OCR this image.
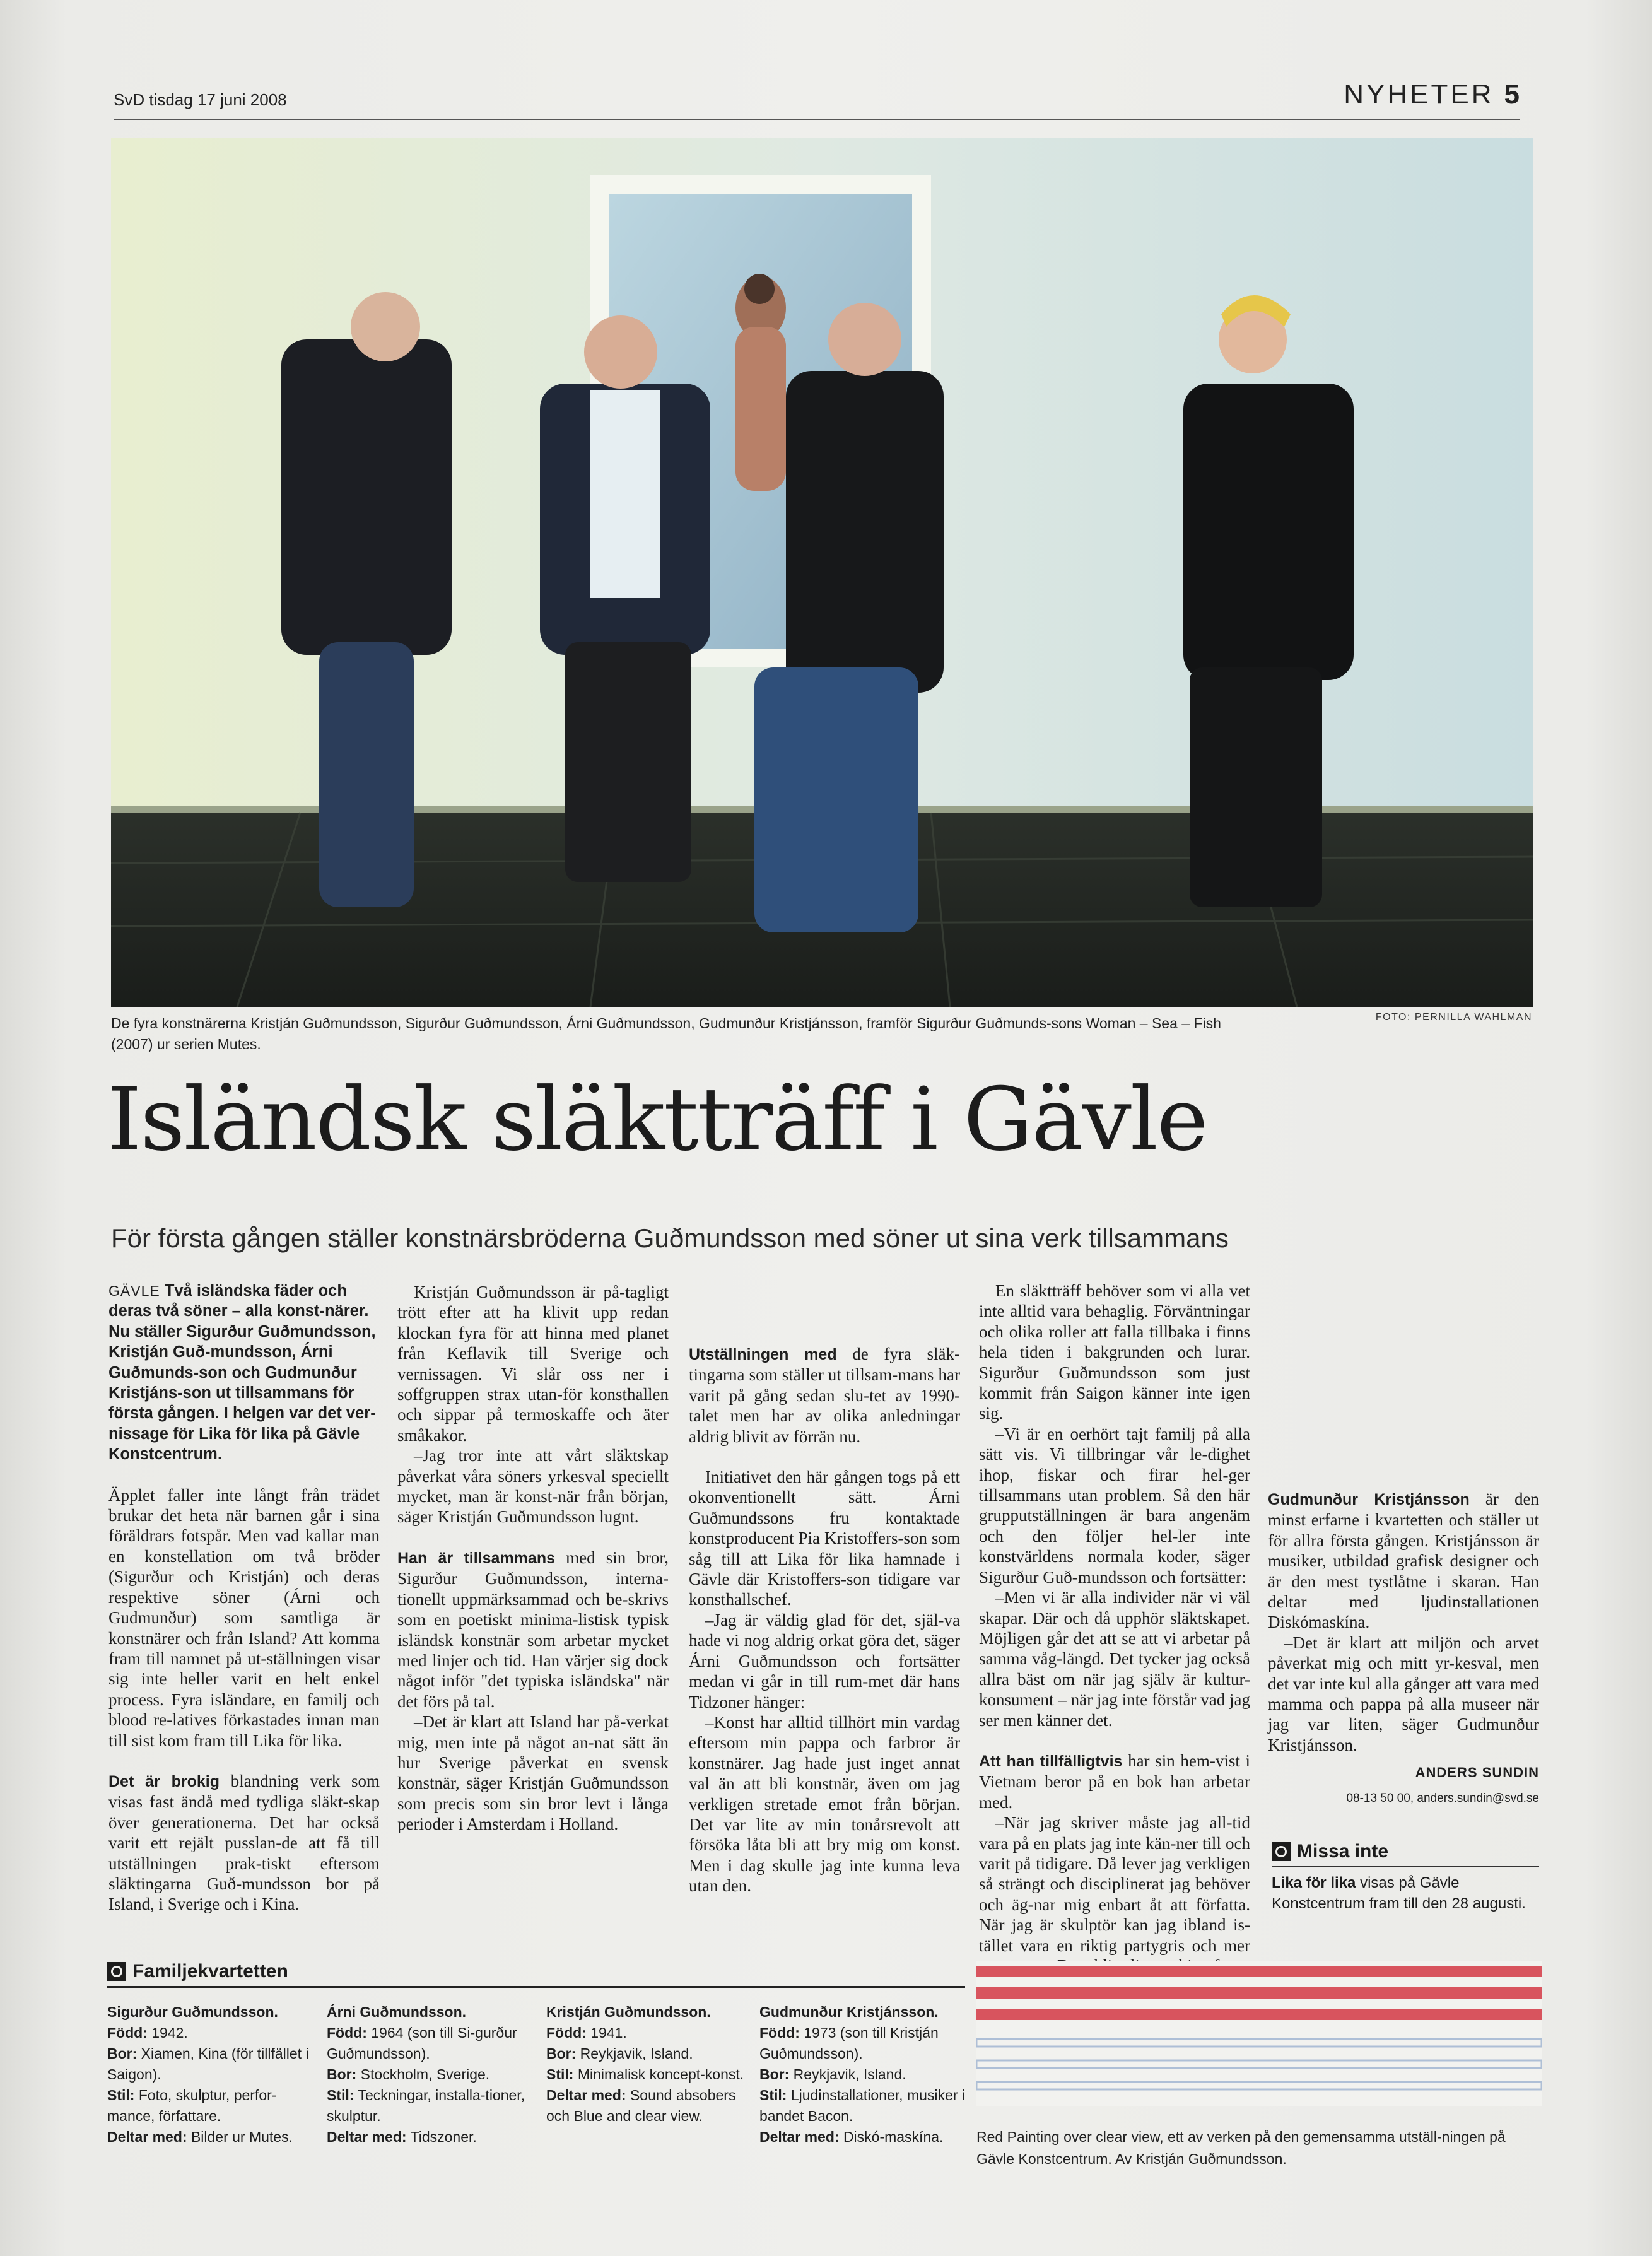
SvD tisdag 17 juni 2008	NYHETER 5
De fyra konstnärerna Kristján Guðmundsson, Sigurður Guðmundsson, Árni Guðmundsson, Gudmunður Kristjánsson, framför Sigurður Guðmunds-sons Woman – Sea – Fish (2007) ur serien Mutes.
FOTO: PERNILLA WAHLMAN
Isländsk släktträff i Gävle
För första gången ställer konstnärsbröderna Guðmundsson med söner ut sina verk tillsammans

GÄVLE Två isländska fäder och deras två söner – alla konst-närer. Nu ställer Sigurður Guðmundsson, Kristján Guð-mundsson, Árni Guðmunds-son och Gudmunður Kristjáns-son ut tillsammans för första gången. I helgen var det ver-nissage för Lika för lika på Gävle Konstcentrum.

Äpplet faller inte långt från trädet brukar det heta när barnen går i sina föräldrars fotspår. Men vad kallar man en konstellation om två bröder (Sigurður och Kristján) och deras respektive söner (Árni och Gudmunður) som samtliga är konstnärer och från Island? Att komma fram till namnet på ut-ställningen visar sig inte heller varit en helt enkel process. Fyra isländare, en familj och blood re-latives förkastades innan man till sist kom fram till Lika för lika.

Det är brokig blandning verk som visas fast ändå med tydliga släkt-skap över generationerna. Det har också varit ett rejält pusslan-de att få till utställningen prak-tiskt eftersom släktingarna Guð-mundsson bor på Island, i Sverige och i Kina.

Kristján Guðmundsson är på-tagligt trött efter att ha klivit upp redan klockan fyra för att hinna med planet från Keflavik till Sverige och vernissagen. Vi slår oss ner i soffgruppen strax utan-för konsthallen och sippar på termoskaffe och äter småkakor.

–Jag tror inte att vårt släktskap påverkat våra söners yrkesval speciellt mycket, man är konst-när från början, säger Kristján Guðmundsson lugnt.

Han är tillsammans med sin bror, Sigurður Guðmundsson, interna-tionellt uppmärksammad och be-skrivs som en poetiskt minima-listisk typisk isländsk konstnär som arbetar mycket med linjer och tid. Han värjer sig dock något inför "det typiska isländska" när det förs på tal.

–Det är klart att Island har på-verkat mig, men inte på något an-nat sätt än hur Sverige påverkat en svensk konstnär, säger Kristján Guðmundsson som precis som sin bror levt i långa perioder i Amsterdam i Holland.

Utställningen med de fyra släk-tingarna som ställer ut tillsam-mans har varit på gång sedan slu-tet av 1990-talet men har av olika anledningar aldrig blivit av förrän nu.

Initiativet den här gången togs på ett okonventionellt sätt. Árni Guðmundssons fru kontaktade konstproducent Pia Kristoffers-son som såg till att Lika för lika hamnade i Gävle där Kristoffers-son tidigare var konsthallschef.

–Jag är väldig glad för det, själ-va hade vi nog aldrig orkat göra det, säger Árni Guðmundsson och fortsätter medan vi går in till rum-met där hans Tidzoner hänger:

–Konst har alltid tillhört min vardag eftersom min pappa och farbror är konstnärer. Jag hade just inget annat val än att bli konstnär, även om jag verkligen stretade emot från början. Det var lite av min tonårsrevolt att försöka låta bli att bry mig om konst. Men i dag skulle jag inte kunna leva utan den.

En släktträff behöver som vi alla vet inte alltid vara behaglig. Förväntningar och olika roller att falla tillbaka i finns hela tiden i bakgrunden och lurar. Sigurður Guðmundsson som just kommit från Saigon känner inte igen sig.

–Vi är en oerhört tajt familj på alla sätt vis. Vi tillbringar vår le-dighet ihop, fiskar och firar hel-ger tillsammans utan problem. Så den här grupputställningen är bara angenäm och den följer hel-ler inte konstvärldens normala koder, säger Sigurður Guð-mundsson och fortsätter:

–Men vi är alla individer när vi väl skapar. Där och då upphör släktskapet. Möjligen går det att se att vi arbetar på samma våg-längd. Det tycker jag också allra bäst om när jag själv är kultur-konsument – när jag inte förstår vad jag ser men känner det.

Att han tillfälligtvis har sin hem-vist i Vietnam beror på en bok han arbetar med.

–När jag skriver måste jag all-tid vara på en plats jag inte kän-ner till och varit på tidigare. Då lever jag verkligen så strängt och disciplinerat jag behöver och äg-nar mig enbart åt att författa. När jag är skulptör kan jag ibland is-tället vara en riktig partygris och mer

Gudmunður Kristjánsson är den minst erfarne i kvartetten och ställer ut för allra första gången. Kristjánsson är musiker, utbildad grafisk designer och är den mest tystlåtne i skaran. Han deltar med ljudinstallationen Diskómaskína.

–Det är klart att miljön och arvet påverkat mig och mitt yr-kesval, men det var inte kul alla gånger att vara med mamma och pappa på alla museer när jag var liten, säger Gudmunður Kristjánsson.

ANDERS SUNDIN
08-13 50 00, anders.sundin@svd.se
Missa inte
Lika för lika visas på Gävle Konstcentrum fram till den 28 augusti.
Familjekvartetten
Sigurður Guðmundsson.
Född: 1942.
Bor: Xiamen, Kina (för tillfället i Saigon).
Stil: Foto, skulptur, perfor-mance, författare.
Deltar med: Bilder ur Mutes.
Árni Guðmundsson.
Född: 1964 (son till Si-gurður Guðmundsson).
Bor: Stockholm, Sverige.
Stil: Teckningar, installa-tioner, skulptur.
Deltar med: Tidszoner.
Kristján Guðmundsson.
Född: 1941.
Bor: Reykjavik, Island.
Stil: Minimalisk koncept-konst.
Deltar med: Sound absobers och Blue and clear view.
Gudmunður Kristjánsson.
Född: 1973 (son till Kristján Guðmundsson).
Bor: Reykjavik, Island.
Stil: Ljudinstallationer, musiker i bandet Bacon.
Deltar med: Diskó-maskína.	Red Painting over clear view, ett av verken på den gemensamma utställ-ningen på Gävle Konstcentrum. Av Kristján Guðmundsson.
